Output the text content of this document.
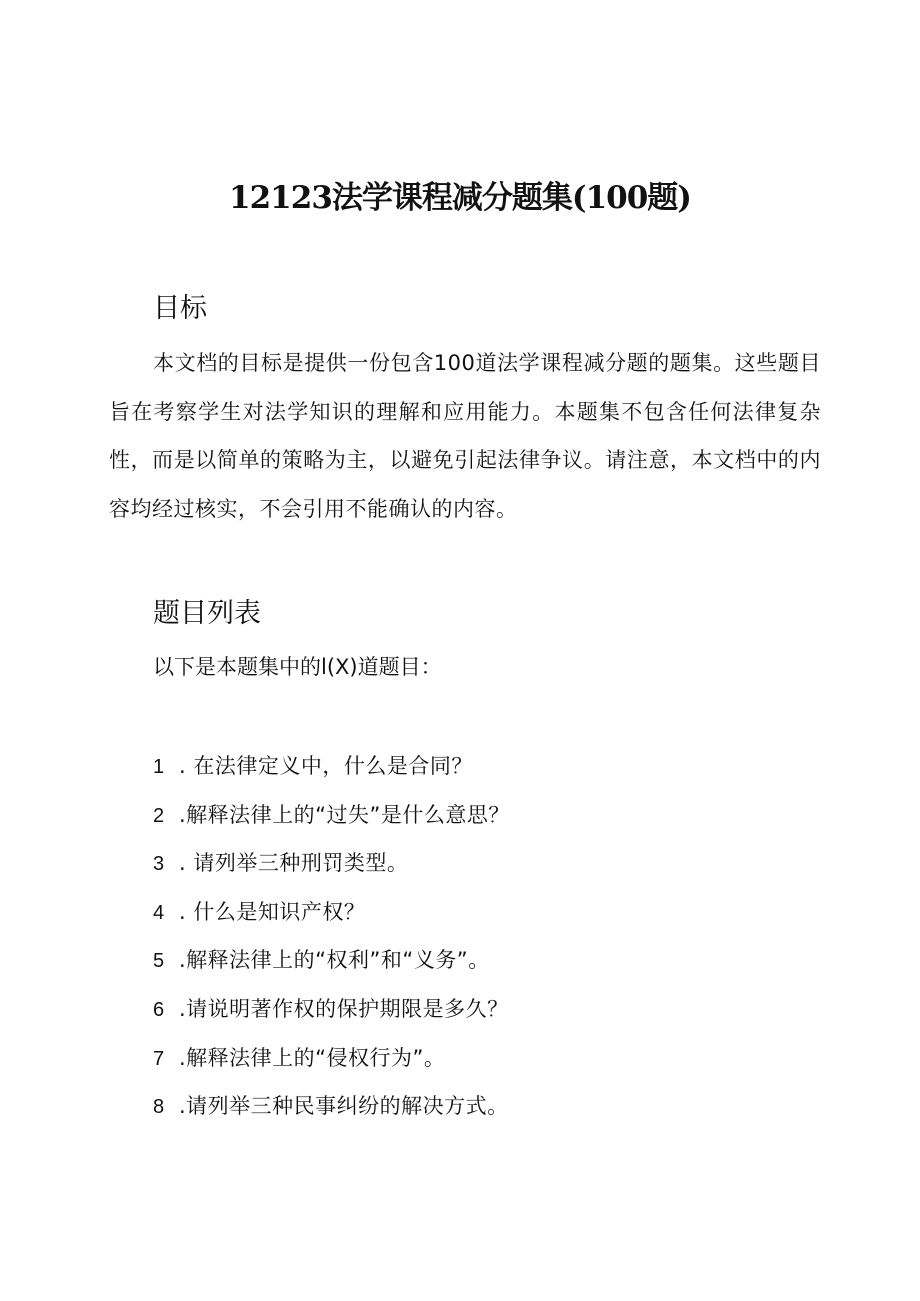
12123法学课程减分题集(100题)
目标

本文档的目标是提供一份包含100道法学课程减分题的题集。这些题目旨在考察学生对法学知识的理解和应用能力。本题集不包含任何法律复杂性，而是以简单的策略为主，以避免引起法律争议。请注意，本文档中的内容均经过核实，不会引用不能确认的内容。

题目列表
以下是本题集中的l(X)道题目：
1 . 在法律定义中，什么是合同？
2 .解释法律上的“过失”是什么意思？
3 . 请列举三种刑罚类型。
4 . 什么是知识产权？
5 .解释法律上的“权利”和“义务”。
6 .请说明著作权的保护期限是多久？
7 .解释法律上的“侵权行为”。
8 .请列举三种民事纠纷的解决方式。
